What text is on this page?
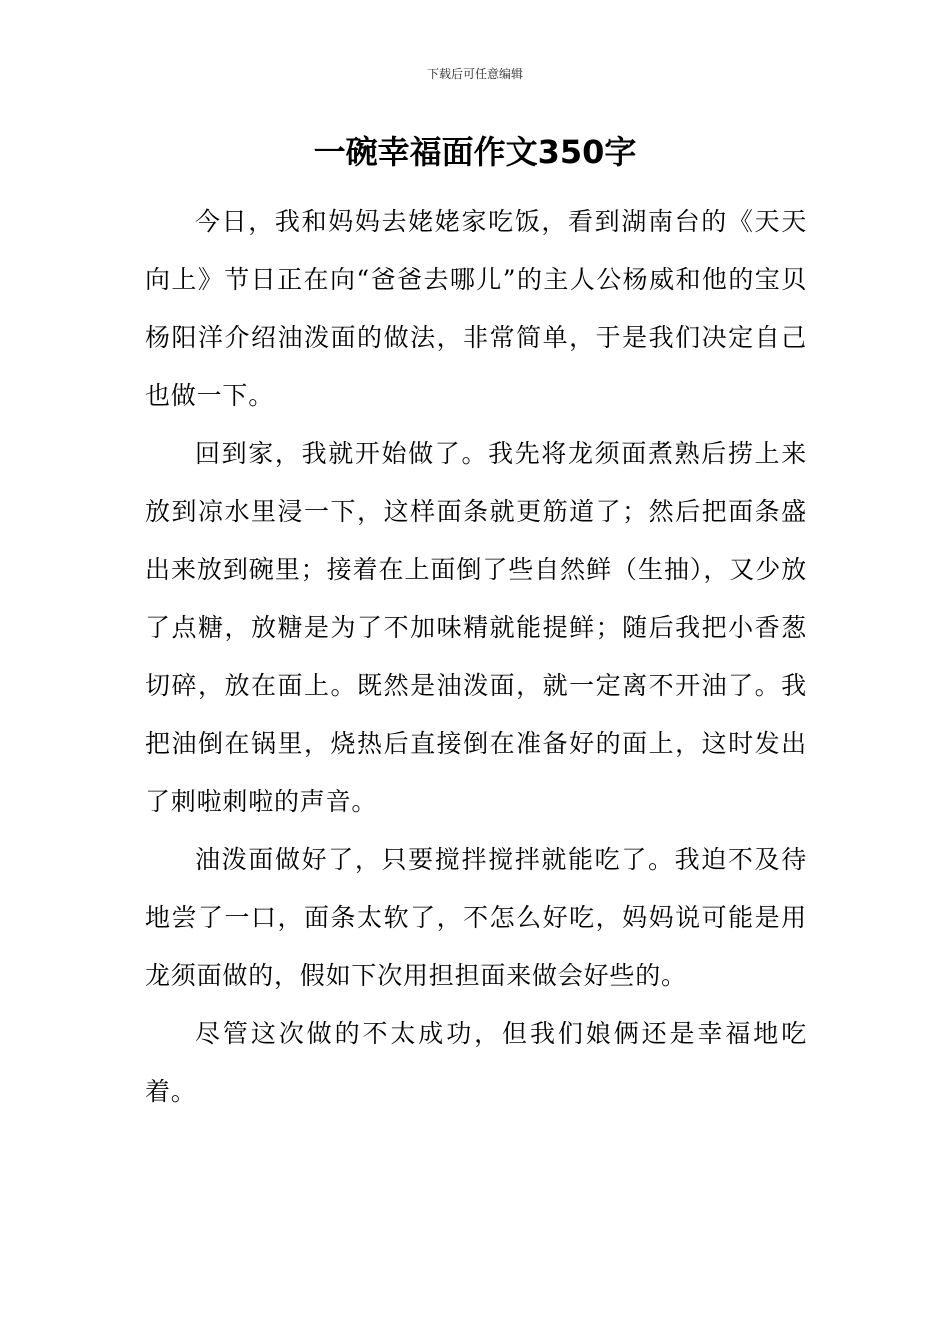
下载后可任意编辑
一碗幸福面作文350字

今日，我和妈妈去姥姥家吃饭，看到湖南台的《天天向上》节日正在向“爸爸去哪儿”的主人公杨威和他的宝贝杨阳洋介绍油泼面的做法，非常简单，于是我们决定自己也做一下。

回到家，我就开始做了。我先将龙须面煮熟后捞上来放到凉水里浸一下，这样面条就更筋道了；然后把面条盛出来放到碗里；接着在上面倒了些自然鲜（生抽），又少放了点糖，放糖是为了不加味精就能提鲜；随后我把小香葱切碎，放在面上。既然是油泼面，就一定离不开油了。我把油倒在锅里，烧热后直接倒在准备好的面上，这时发出了刺啦刺啦的声音。

油泼面做好了，只要搅拌搅拌就能吃了。我迫不及待地尝了一口，面条太软了，不怎么好吃，妈妈说可能是用龙须面做的，假如下次用担担面来做会好些的。

尽管这次做的不太成功，但我们娘俩还是幸福地吃着。
